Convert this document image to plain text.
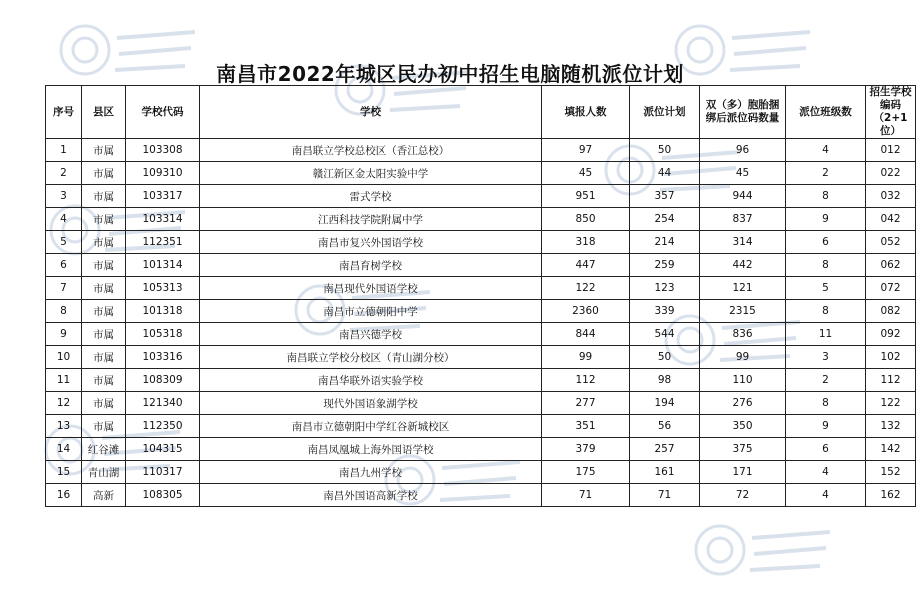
南昌市2022年城区民办初中招生电脑随机派位计划
序号	县区	学校代码	学校	填报人数	派位计划	双（多）胞胎捆绑后派位码数量	派位班级数	招生学校编码（2+1位）
1	市属	103308	南昌联立学校总校区（香江总校）	97	50	96	4	012
2	市属	109310	赣江新区金太阳实验中学	45	44	45	2	022
3	市属	103317	雷式学校	951	357	944	8	032
4	市属	103314	江西科技学院附属中学	850	254	837	9	042
5	市属	112351	南昌市复兴外国语学校	318	214	314	6	052
6	市属	101314	南昌育树学校	447	259	442	8	062
7	市属	105313	南昌现代外国语学校	122	123	121	5	072
8	市属	101318	南昌市立德朝阳中学	2360	339	2315	8	082
9	市属	105318	南昌兴德学校	844	544	836	11	092
10	市属	103316	南昌联立学校分校区（青山湖分校）	99	50	99	3	102
11	市属	108309	南昌华联外语实验学校	112	98	110	2	112
12	市属	121340	现代外国语象湖学校	277	194	276	8	122
13	市属	112350	南昌市立德朝阳中学红谷新城校区	351	56	350	9	132
14	红谷滩	104315	南昌凤凰城上海外国语学校	379	257	375	6	142
15	青山湖	110317	南昌九州学校	175	161	171	4	152
16	高新	108305	南昌外国语高新学校	71	71	72	4	162
